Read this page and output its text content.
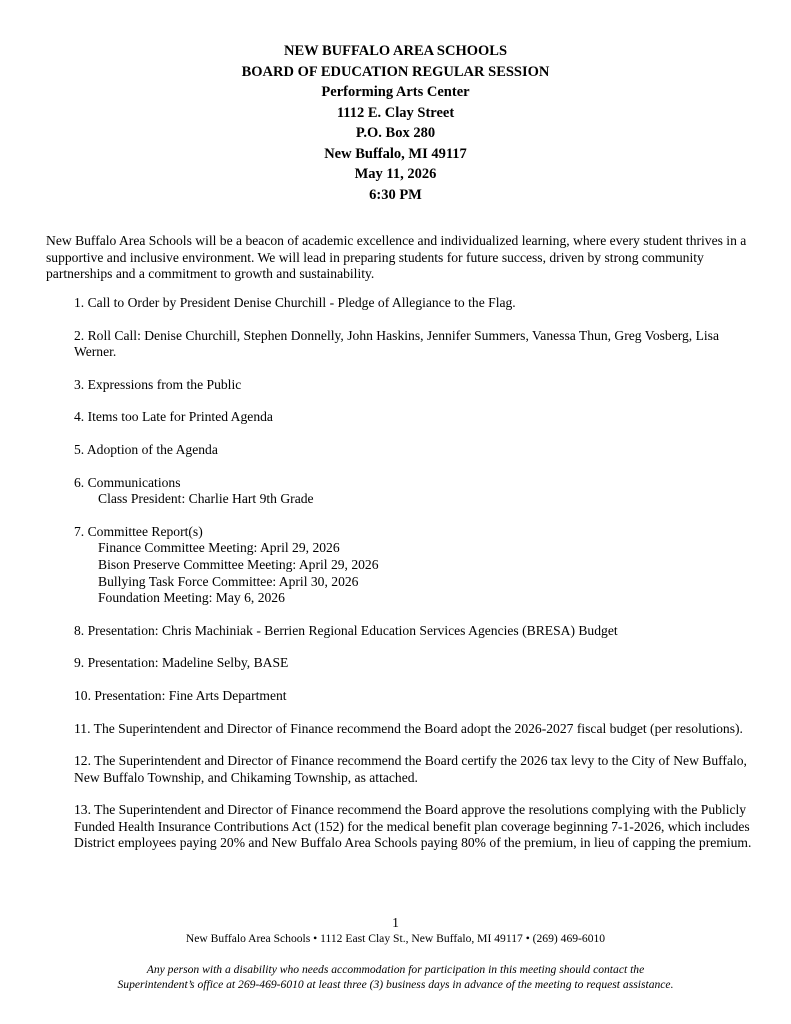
NEW BUFFALO AREA SCHOOLS
BOARD OF EDUCATION REGULAR SESSION
Performing Arts Center
1112 E. Clay Street
P.O. Box 280
New Buffalo, MI 49117
May 11, 2026
6:30 PM
New Buffalo Area Schools will be a beacon of academic excellence and individualized learning, where every student thrives in a supportive and inclusive environment. We will lead in preparing students for future success, driven by strong community partnerships and a commitment to growth and sustainability.
1. Call to Order by President Denise Churchill - Pledge of Allegiance to the Flag.
2. Roll Call: Denise Churchill, Stephen Donnelly, John Haskins, Jennifer Summers, Vanessa Thun, Greg Vosberg, Lisa Werner.
3. Expressions from the Public
4. Items too Late for Printed Agenda
5. Adoption of the Agenda
6. Communications
Class President: Charlie Hart 9th Grade
7. Committee Report(s)
Finance Committee Meeting: April 29, 2026
Bison Preserve Committee Meeting: April 29, 2026
Bullying Task Force Committee: April 30, 2026
Foundation Meeting: May 6, 2026
8. Presentation: Chris Machiniak - Berrien Regional Education Services Agencies (BRESA) Budget
9. Presentation: Madeline Selby, BASE
10. Presentation: Fine Arts Department
11. The Superintendent and Director of Finance recommend the Board adopt the 2026-2027 fiscal budget (per resolutions).
12. The Superintendent and Director of Finance recommend the Board certify the 2026 tax levy to the City of New Buffalo, New Buffalo Township, and Chikaming Township, as attached.
13. The Superintendent and Director of Finance recommend the Board approve the resolutions complying with the Publicly Funded Health Insurance Contributions Act (152) for the medical benefit plan coverage beginning 7-1-2026, which includes District employees paying 20% and New Buffalo Area Schools paying 80% of the premium, in lieu of capping the premium.
1
New Buffalo Area Schools • 1112 East Clay St., New Buffalo, MI 49117 • (269) 469-6010
Any person with a disability who needs accommodation for participation in this meeting should contact the
Superintendent’s office at 269-469-6010 at least three (3) business days in advance of the meeting to request assistance.
